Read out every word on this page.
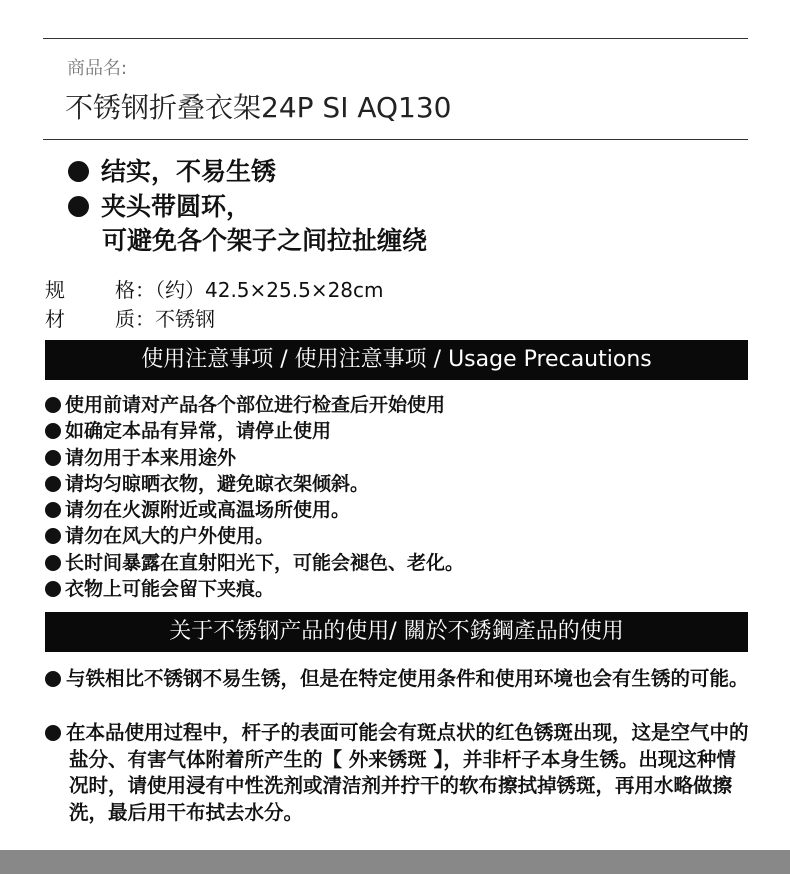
商品名:
不锈钢折叠衣架24P SI AQ130
结实，不易生锈
夹头带圆环，
可避免各个架子之间拉扯缠绕
规	格：（约）42.5×25.5×28cm
材	质：不锈钢
使用注意事项 / 使用注意事项 / Usage Precautions
使用前请对产品各个部位进行检查后开始使用
如确定本品有异常，请停止使用
请勿用于本来用途外
请均匀晾晒衣物，避免晾衣架倾斜。
请勿在火源附近或高温场所使用。
请勿在风大的户外使用。
长时间暴露在直射阳光下，可能会褪色、老化。
衣物上可能会留下夹痕。
关于不锈钢产品的使用/ 關於不銹鋼產品的使用
与铁相比不锈钢不易生锈，但是在特定使用条件和使用环境也会有生锈的可能。
在本品使用过程中，杆子的表面可能会有斑点状的红色锈斑出现，这是空气中的盐分、有害气体附着所产生的【 外来锈斑 】，并非杆子本身生锈。出现这种情况时，请使用浸有中性洗剂或清洁剂并拧干的软布擦拭掉锈斑，再用水略做擦洗，最后用干布拭去水分。
